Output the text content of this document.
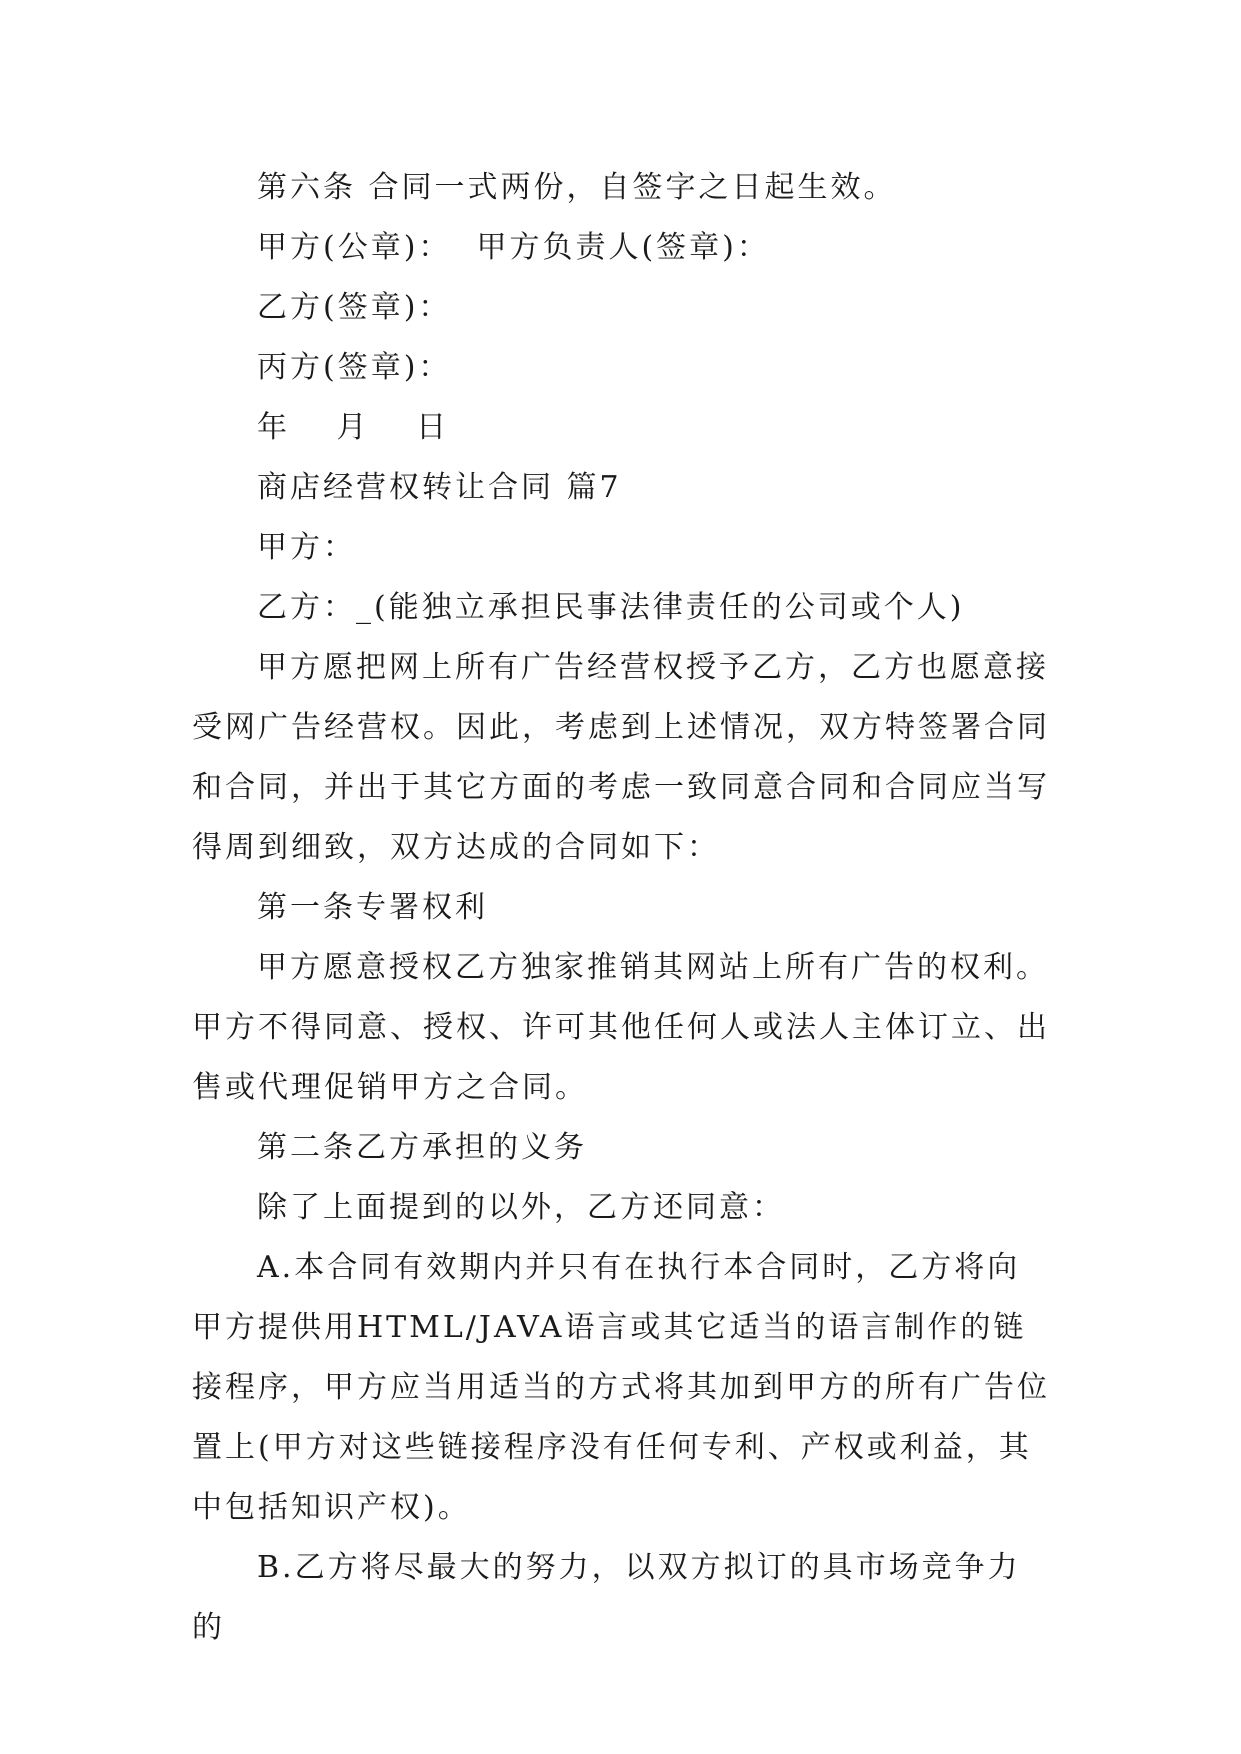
第六条 合同一式两份，自签字之日起生效。

甲方(公章)：  甲方负责人(签章)：

乙方(签章)：

丙方(签章)：

年 月 日

商店经营权转让合同 篇7

甲方：

乙方：_(能独立承担民事法律责任的公司或个人)

甲方愿把网上所有广告经营权授予乙方，乙方也愿意接受网广告经营权。因此，考虑到上述情况，双方特签署合同和合同，并出于其它方面的考虑一致同意合同和合同应当写得周到细致，双方达成的合同如下：

第一条专署权利

甲方愿意授权乙方独家推销其网站上所有广告的权利。甲方不得同意、授权、许可其他任何人或法人主体订立、出售或代理促销甲方之合同。

第二条乙方承担的义务

除了上面提到的以外，乙方还同意：

A.本合同有效期内并只有在执行本合同时，乙方将向甲方提供用HTML/JAVA语言或其它适当的语言制作的链接程序，甲方应当用适当的方式将其加到甲方的所有广告位置上(甲方对这些链接程序没有任何专利、产权或利益，其中包括知识产权)。

B.乙方将尽最大的努力，以双方拟订的具市场竞争力的
